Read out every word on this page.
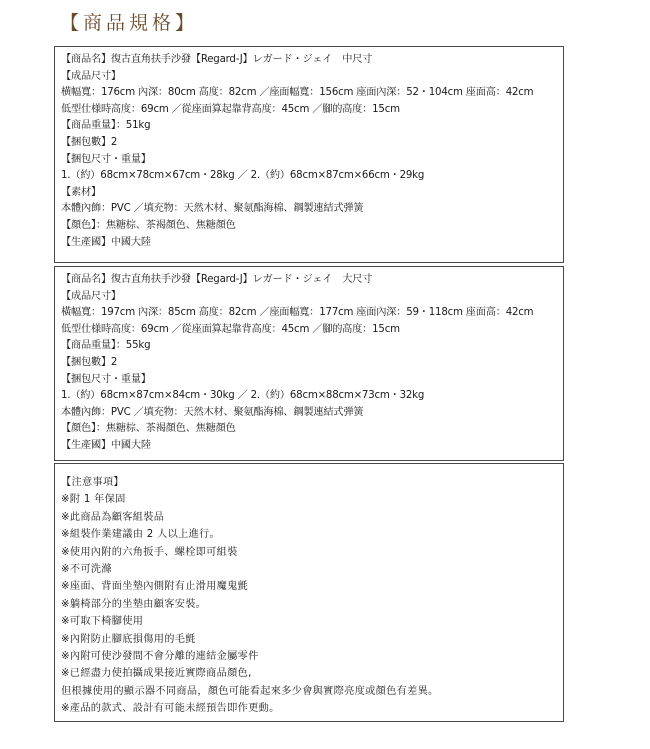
【商品規格】
【商品名】復古直角扶手沙發【Regard-J】レガード・ジェイ　中尺寸
【成品尺寸】
横幅寬：176cm 內深：80cm 高度：82cm ／座面幅寬：156cm 座面內深：52・104cm 座面高：42cm
低型仕様時高度：69cm ／從座面算起靠背高度：45cm ／腳的高度：15cm
【商品重量】：51kg
【捆包數】2
【捆包尺寸・重量】
1.（約）68cm×78cm×67cm・28kg ／ 2.（約）68cm×87cm×66cm・29kg
【素材】
本體內飾：PVC ／填充物：天然木材、聚氨酯海棉、鋼製連結式弾簧
【顏色】：焦糖棕、茶褐顏色、焦糖顏色
【生產國】中國大陸
【商品名】復古直角扶手沙發【Regard-J】レガード・ジェイ　大尺寸
【成品尺寸】
橫幅寬：197cm 內深：85cm 高度：82cm ／座面幅寬：177cm 座面內深：59・118cm 座面高：42cm
低型仕様時高度：69cm ／從座面算起靠背高度：45cm ／腳的高度：15cm
【商品重量】：55kg
【捆包數】2
【捆包尺寸・重量】
1.（約）68cm×87cm×84cm・30kg ／ 2.（約）68cm×88cm×73cm・32kg
本體內飾：PVC ／填充物：天然木材、聚氨酯海棉、鋼製連結式弾簧
【顏色】：焦糖棕、茶褐顏色、焦糖顏色
【生產國】中國大陸
【注意事項】
※附 1 年保固
※此商品為顧客組裝品
※組裝作業建議由 2 人以上進行。
※使用內附的六角扳手、螺栓即可組裝
※不可洗滌
※座面、背面坐墊內側附有止滑用魔鬼氈
※躺椅部分的坐墊由顧客安裝。
※可取下椅腳使用
※內附防止腳底損傷用的毛氈
※內附可使沙發間不會分離的連結金屬零件
※已經盡力使拍攝成果接近實際商品顏色,
但根據使用的顯示器不同商品，顏色可能看起來多少會與實際亮度或顏色有差異。
※產品的款式、設計有可能未經預告即作更動。
